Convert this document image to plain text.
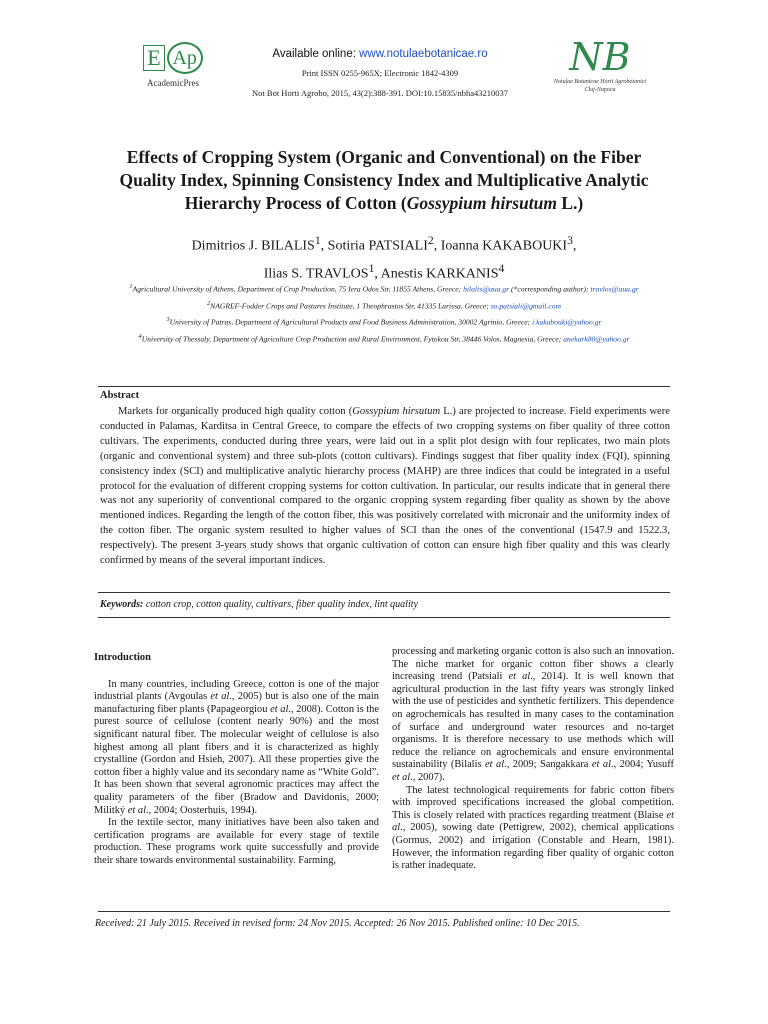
E Ap
AcademicPres
Available online: www.notulaebotanicae.ro
Print ISSN 0255-965X; Electronic 1842-4309
Not Bot Horti Agrobo, 2015, 43(2):388-391. DOI:10.15835/nbha43210037
NB
Notulae Botanicae Horti Agrobotanici
Cluj-Napoca
Effects of Cropping System (Organic and Conventional) on the Fiber
Quality Index, Spinning Consistency Index and Multiplicative Analytic
Hierarchy Process of Cotton (Gossypium hirsutum L.)
Dimitrios J. BILALIS$^1$, Sotiria PATSIALI$^2$, Ioanna KAKABOUKI$^3$,
Ilias S. TRAVLOS$^1$, Anestis KARKANIS$^4$
$^1$Agricultural University of Athens, Department of Crop Production, 75 Iera Odos Str, 11855 Athens, Greece; bilalis@aua.gr (*corresponding author); travlos@aua.gr
$^2$NAGREF-Fodder Crops and Pastures Institute, 1 Theophrastos Str, 41335 Larissa, Greece; so.patsiali@gmail.com
$^3$University of Patras, Department of Agricultural Products and Food Business Administration, 30002 Agrinio, Greece; i.kakabouki@yahoo.gr
$^4$University of Thessaly, Department of Agriculture Crop Production and Rural Environment, Fytokou Str, 38446 Volos, Magnesia, Greece; anekark80@yahoo.gr
Abstract
Markets for organically produced high quality cotton (Gossypium hirsutum L.) are projected to increase. Field experiments were conducted in Palamas, Karditsa in Central Greece, to compare the effects of two cropping systems on fiber quality of three cotton cultivars. The experiments, conducted during three years, were laid out in a split plot design with four replicates, two main plots (organic and conventional system) and three sub-plots (cotton cultivars). Findings suggest that fiber quality index (FQI), spinning consistency index (SCI) and multiplicative analytic hierarchy process (MAHP) are three indices that could be integrated in a useful protocol for the evaluation of different cropping systems for cotton cultivation. In particular, our results indicate that in general there was not any superiority of conventional compared to the organic cropping system regarding fiber quality as shown by the above mentioned indices. Regarding the length of the cotton fiber, this was positively correlated with micronair and the uniformity index of the cotton fiber. The organic system resulted to higher values of SCI than the ones of the conventional (1547.9 and 1522.3, respectively). The present 3-years study shows that organic cultivation of cotton can ensure high fiber quality and this was clearly confirmed by means of the several important indices.
Keywords: cotton crop, cotton quality, cultivars, fiber quality index, lint quality
Introduction

In many countries, including Greece, cotton is one of the major industrial plants (Avgoulas et al., 2005) but is also one of the main manufacturing fiber plants (Papageorgiou et al., 2008). Cotton is the purest source of cellulose (content nearly 90%) and the most significant natural fiber. The molecular weight of cellulose is also highest among all plant fibers and it is characterized as highly crystalline (Gordon and Hsieh, 2007). All these properties give the cotton fiber a highly value and its secondary name as “White Gold”. It has been shown that several agronomic practices may affect the quality parameters of the fiber (Bradow and Davidonis, 2000; Militký et al., 2004; Oosterhuis, 1994).

In the textile sector, many initiatives have been also taken and certification programs are available for every stage of textile production. These programs work quite successfully and provide their share towards environmental sustainability. Farming,

processing and marketing organic cotton is also such an innovation. The niche market for organic cotton fiber shows a clearly increasing trend (Patsiali et al., 2014). It is well known that agricultural production in the last fifty years was strongly linked with the use of pesticides and synthetic fertilizers. This dependence on agrochemicals has resulted in many cases to the contamination of surface and underground water resources and no-target organisms. It is therefore necessary to use methods which will reduce the reliance on agrochemicals and ensure environmental sustainability (Bilalis et al., 2009; Sangakkara et al., 2004; Yusuff et al., 2007).

The latest technological requirements for fabric cotton fibers with improved specifications increased the global competition. This is closely related with practices regarding treatment (Blaise et al., 2005), sowing date (Pettigrew, 2002), chemical applications (Gormus, 2002) and irrigation (Constable and Hearn, 1981). However, the information regarding fiber quality of organic cotton is rather inadequate.

Received: 21 July 2015. Received in revised form: 24 Nov 2015. Accepted: 26 Nov 2015. Published online: 10 Dec 2015.
